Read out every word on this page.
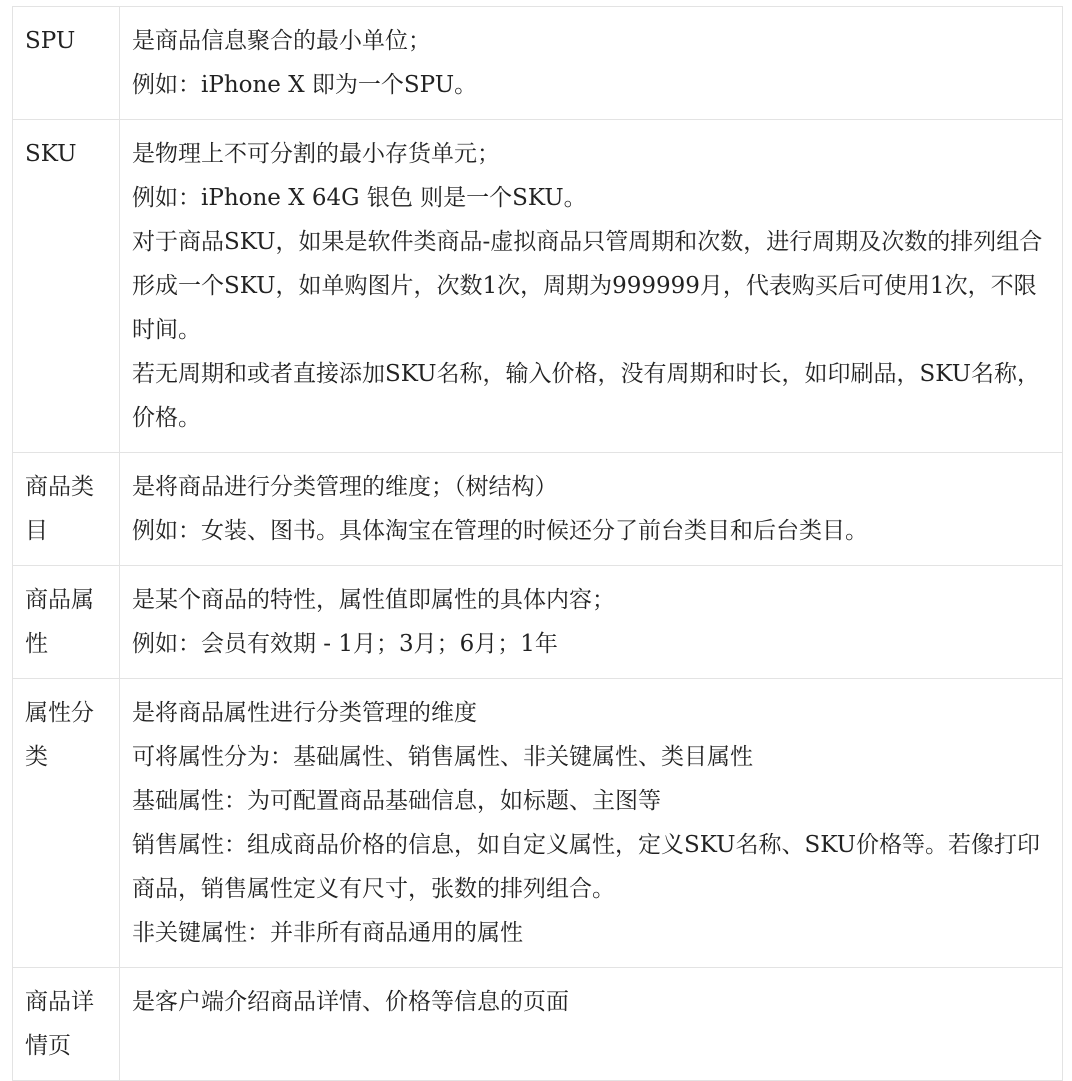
SPU	是商品信息聚合的最小单位；
例如：iPhone X 即为一个SPU。

SKU	是物理上不可分割的最小存货单元；
例如：iPhone X 64G 银色 则是一个SKU。
对于商品SKU，如果是软件类商品-虚拟商品只管周期和次数，进行周期及次数的排列组合形成一个SKU，如单购图片，次数1次，周期为999999月，代表购买后可使用1次，不限时间。
若无周期和或者直接添加SKU名称，输入价格，没有周期和时长，如印刷品，SKU名称，价格。

商品类目	是将商品进行分类管理的维度；（树结构）
例如：女装、图书。具体淘宝在管理的时候还分了前台类目和后台类目。

商品属性	是某个商品的特性，属性值即属性的具体内容；
例如：会员有效期 - 1月；3月；6月；1年

属性分类	是将商品属性进行分类管理的维度
可将属性分为：基础属性、销售属性、非关键属性、类目属性
基础属性：为可配置商品基础信息，如标题、主图等
销售属性：组成商品价格的信息，如自定义属性，定义SKU名称、SKU价格等。若像打印商品，销售属性定义有尺寸，张数的排列组合。
非关键属性：并非所有商品通用的属性

商品详情页	是客户端介绍商品详情、价格等信息的页面
